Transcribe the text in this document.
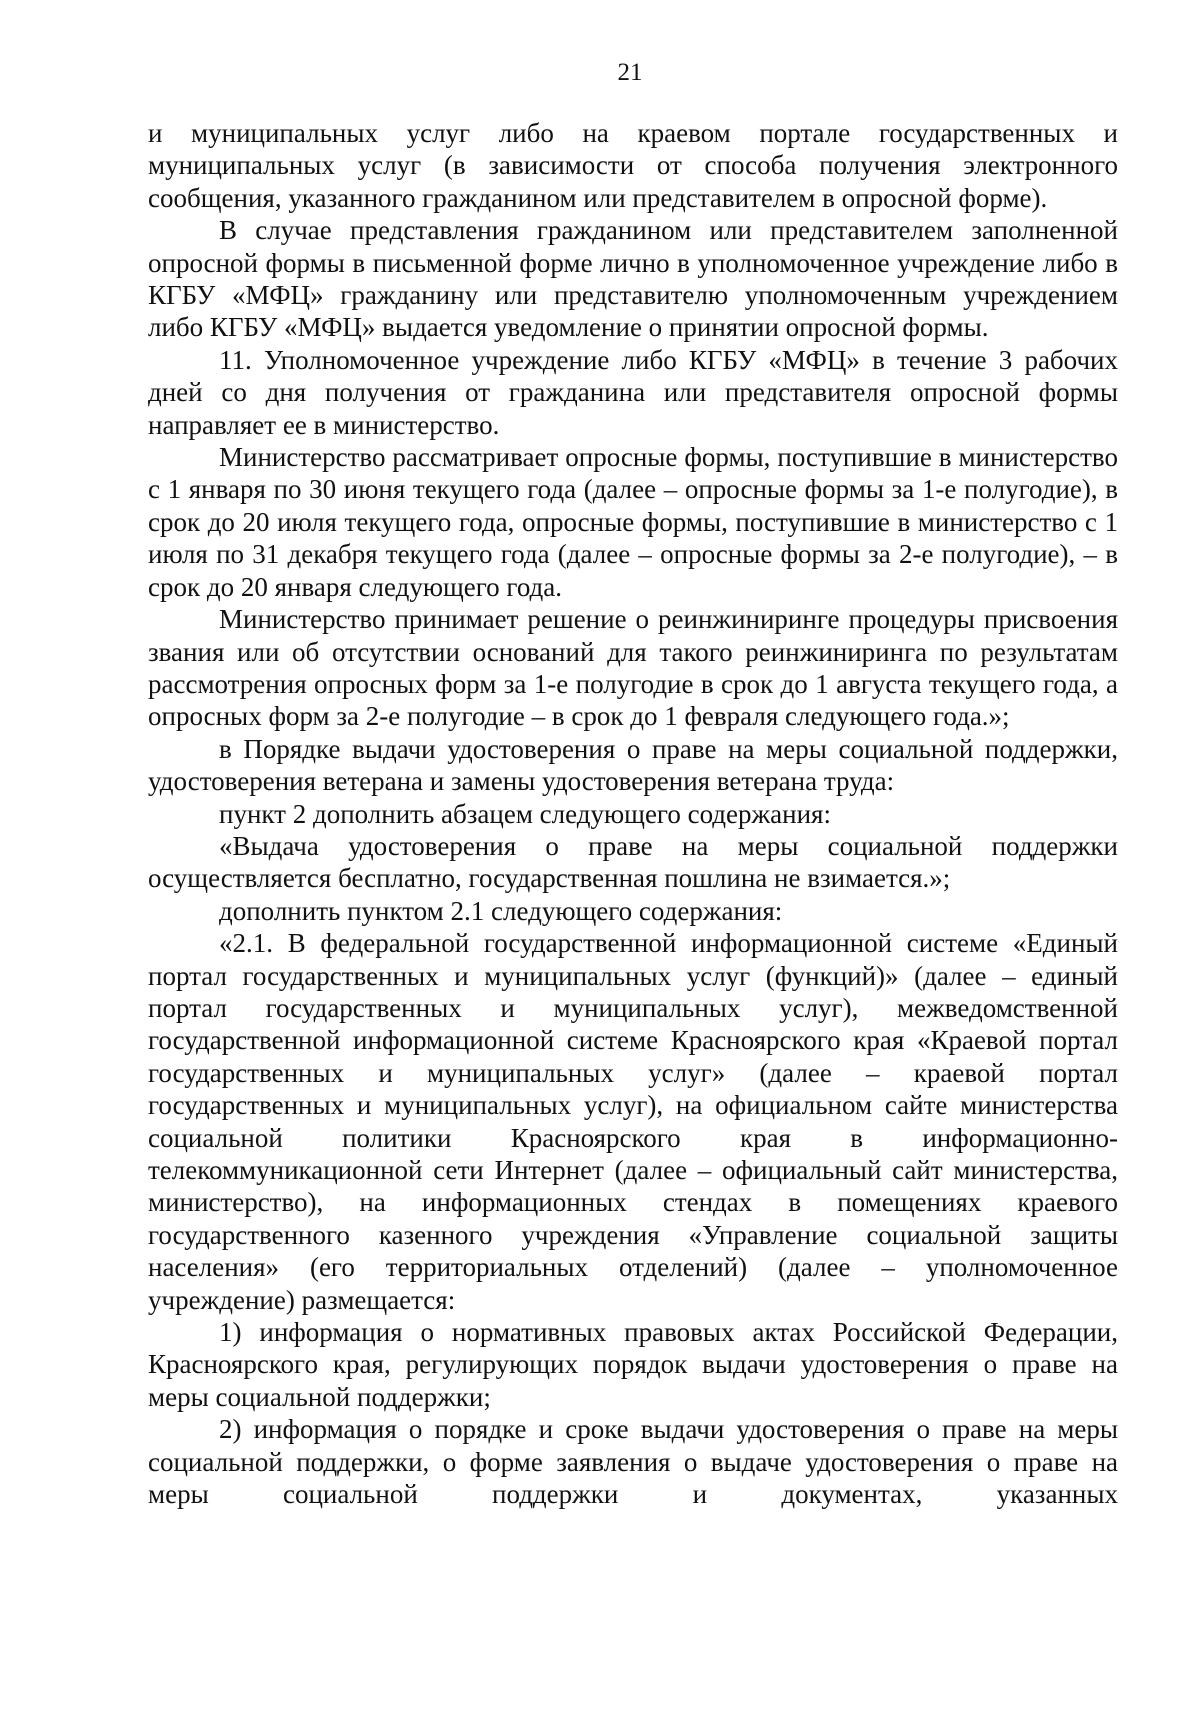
21

и муниципальных услуг либо на краевом портале государственных и муниципальных услуг (в зависимости от способа получения электронного сообщения, указанного гражданином или представителем в опросной форме).

В случае представления гражданином или представителем заполненной опросной формы в письменной форме лично в уполномоченное учреждение либо в КГБУ «МФЦ» гражданину или представителю уполномоченным учреждением либо КГБУ «МФЦ» выдается уведомление о принятии опросной формы.

11. Уполномоченное учреждение либо КГБУ «МФЦ» в течение 3 рабочих дней со дня получения от гражданина или представителя опросной формы направляет ее в министерство.

Министерство рассматривает опросные формы, поступившие в министерство с 1 января по 30 июня текущего года (далее – опросные формы за 1-е полугодие), в срок до 20 июля текущего года, опросные формы, поступившие в министерство с 1 июля по 31 декабря текущего года (далее – опросные формы за 2-е полугодие), – в срок до 20 января следующего года.

Министерство принимает решение о реинжиниринге процедуры присвоения звания или об отсутствии оснований для такого реинжиниринга по результатам рассмотрения опросных форм за 1-е полугодие в срок до 1 августа текущего года, а опросных форм за 2-е полугодие – в срок до 1 февраля следующего года.»;

в Порядке выдачи удостоверения о праве на меры социальной поддержки, удостоверения ветерана и замены удостоверения ветерана труда:

пункт 2 дополнить абзацем следующего содержания:

«Выдача удостоверения о праве на меры социальной поддержки осуществляется бесплатно, государственная пошлина не взимается.»;

дополнить пунктом 2.1 следующего содержания:

«2.1. В федеральной государственной информационной системе «Единый портал государственных и муниципальных услуг (функций)» (далее – единый портал государственных и муниципальных услуг), межведомственной государственной информационной системе Красноярского края «Краевой портал государственных и муниципальных услуг» (далее – краевой портал государственных и муниципальных услуг), на официальном сайте министерства социальной политики Красноярского края в информационно-телекоммуникационной сети Интернет (далее – официальный сайт министерства, министерство), на информационных стендах в помещениях краевого государственного казенного учреждения «Управление социальной защиты населения» (его территориальных отделений) (далее – уполномоченное учреждение) размещается:

1) информация о нормативных правовых актах Российской Федерации, Красноярского края, регулирующих порядок выдачи удостоверения о праве на меры социальной поддержки;

2) информация о порядке и сроке выдачи удостоверения о праве на меры социальной поддержки, о форме заявления о выдаче удостоверения о праве на меры социальной поддержки и документах, указанных
